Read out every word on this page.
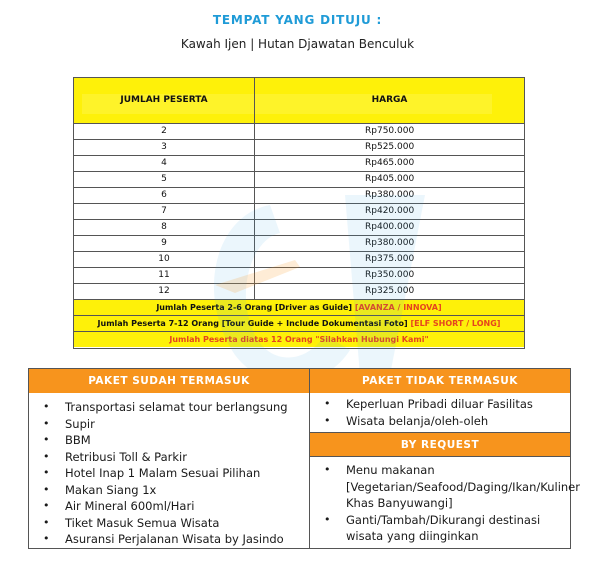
TEMPAT YANG DITUJU :
Kawah Ijen | Hutan Djawatan Benculuk
JUMLAH PESERTA	HARGA
2	Rp750.000
3	Rp525.000
4	Rp465.000
5	Rp405.000
6	Rp380.000
7	Rp420.000
8	Rp400.000
9	Rp380.000
10	Rp375.000
11	Rp350.000
12	Rp325.000
Jumlah Peserta 2-6 Orang [Driver as Guide] [AVANZA / INNOVA]
Jumlah Peserta 7-12 Orang [Tour Guide + Include Dokumentasi Foto] [ELF SHORT / LONG]
Jumlah Peserta diatas 12 Orang "Silahkan Hubungi Kami"
PAKET SUDAH TERMASUK
• Transportasi selamat tour berlangsung
• Supir
• BBM
• Retribusi Toll & Parkir
• Hotel Inap 1 Malam Sesuai Pilihan
• Makan Siang 1x
• Air Mineral 600ml/Hari
• Tiket Masuk Semua Wisata
• Asuransi Perjalanan Wisata by Jasindo
PAKET TIDAK TERMASUK
• Keperluan Pribadi diluar Fasilitas
• Wisata belanja/oleh-oleh
BY REQUEST
• Menu makanan [Vegetarian/Seafood/Daging/Ikan/Kuliner Khas Banyuwangi]
• Ganti/Tambah/Dikurangi destinasi wisata yang diinginkan
